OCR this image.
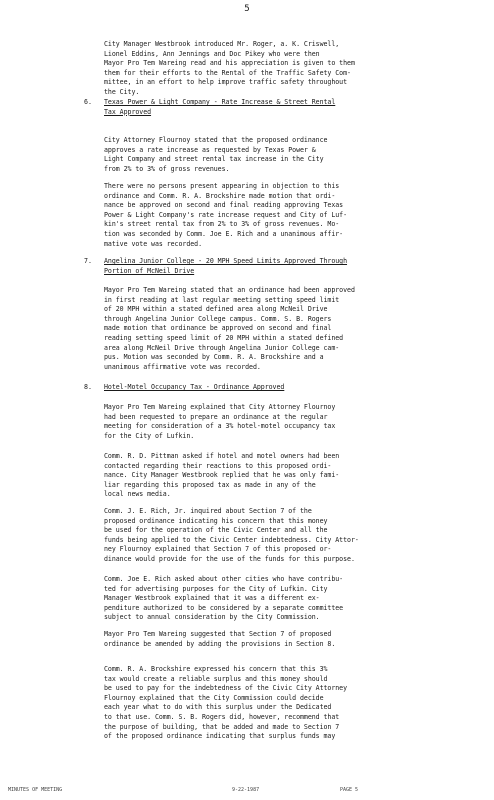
5
City Manager Westbrook introduced Mr. Roger, a. K. Criswell,
Lionel Eddins, Ann Jennings and Doc Pikey who were then
Mayor Pro Tem Wareing read and his appreciation is given to them
them for their efforts to the Rental of the Traffic Safety Com-
mittee, in an effort to help improve traffic safety throughout
the City.
6. Texas Power & Light Company - Rate Increase & Street Rental
Tax Approved
City Attorney Flournoy stated that the proposed ordinance
approves a rate increase as requested by Texas Power &
Light Company and street rental tax increase in the City
from 2% to 3% of gross revenues.
There were no persons present appearing in objection to this
ordinance and Comm. R. A. Brockshire made motion that ordi-
nance be approved on second and final reading approving Texas
Power & Light Company's rate increase request and City of Luf-
kin's street rental tax from 2% to 3% of gross revenues. Mo-
tion was seconded by Comm. Joe E. Rich and a unanimous affir-
mative vote was recorded.
7. Angelina Junior College - 20 MPH Speed Limits Approved Through
Portion of McNeil Drive
Mayor Pro Tem Wareing stated that an ordinance had been approved
in first reading at last regular meeting setting speed limit
of 20 MPH within a stated defined area along McNeil Drive
through Angelina Junior College campus. Comm. S. B. Rogers
made motion that ordinance be approved on second and final
reading setting speed limit of 20 MPH within a stated defined
area along McNeil Drive through Angelina Junior College cam-
pus. Motion was seconded by Comm. R. A. Brockshire and a
unanimous affirmative vote was recorded.
8. Hotel-Motel Occupancy Tax - Ordinance Approved
Mayor Pro Tem Wareing explained that City Attorney Flournoy
had been requested to prepare an ordinance at the regular
meeting for consideration of a 3% hotel-motel occupancy tax
for the City of Lufkin.
Comm. R. D. Pittman asked if hotel and motel owners had been
contacted regarding their reactions to this proposed ordi-
nance. City Manager Westbrook replied that he was only fami-
liar regarding this proposed tax as made in any of the
local news media.
Comm. J. E. Rich, Jr. inquired about Section 7 of the
proposed ordinance indicating his concern that this money
be used for the operation of the Civic Center and all the
funds being applied to the Civic Center indebtedness. City Attor-
ney Flournoy explained that Section 7 of this proposed or-
dinance would provide for the use of the funds for this purpose.
Comm. Joe E. Rich asked about other cities who have contribu-
ted for advertising purposes for the City of Lufkin. City
Manager Westbrook explained that it was a different ex-
penditure authorized to be considered by a separate committee
subject to annual consideration by the City Commission.
Mayor Pro Tem Wareing suggested that Section 7 of proposed
ordinance be amended by adding the provisions in Section 8.
Comm. R. A. Brockshire expressed his concern that this 3%
tax would create a reliable surplus and this money should
be used to pay for the indebtedness of the Civic City Attorney
Flournoy explained that the City Commission could decide
each year what to do with this surplus under the Dedicated
to that use. Comm. S. B. Rogers did, however, recommend that
the purpose of building, that be added and made to Section 7
of the proposed ordinance indicating that surplus funds may
MINUTES OF MEETING	9-22-1987	PAGE 5
